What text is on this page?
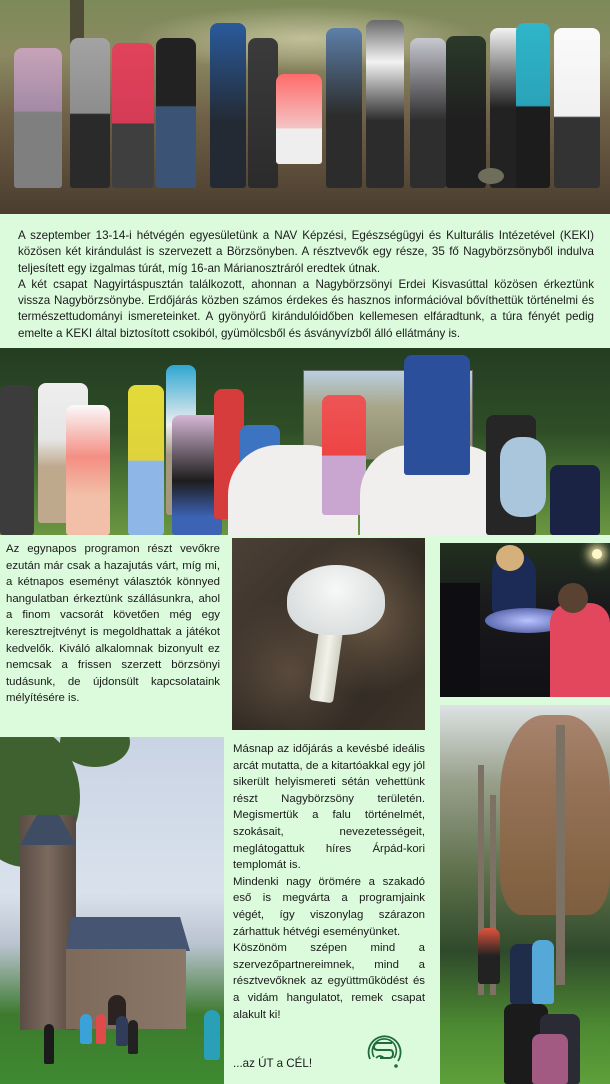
A szeptember 13-14-i hétvégén egyesületünk a NAV Képzési, Egészségügyi és Kulturális Intézetével (KEKI) közösen két kirándulást is szervezett a Börzsönyben. A résztvevők egy része, 35 fő Nagybörzsönyből indulva teljesített egy izgalmas túrát, míg 16-an Márianosztráról eredtek útnak.

A két csapat Nagyirtáspusztán találkozott, ahonnan a Nagybörzsönyi Erdei Kisvasúttal közösen érkeztünk vissza Nagybörzsönybe. Erdőjárás közben számos érdekes és hasznos információval bővíthettük történelmi és természettudományi ismereteinket. A gyönyörű kirándulóidőben kellemesen elfáradtunk, a túra fényét pedig emelte a KEKI által biztosított csokiból, gyümölcsből és ásványvízből álló ellátmány is.

Az egynapos programon részt vevőkre ezután már csak a hazajutás várt, míg mi, a kétnapos eseményt választók könnyed hangulatban érkeztünk szállásunkra, ahol a finom vacsorát követően még egy keresztrejtvényt is megoldhattak a játékot kedvelők. Kiváló alkalomnak bizonyult ez nemcsak a frissen szerzett börzsönyi tudásunk, de újdonsült kapcsolataink mélyítésére is.

Másnap az időjárás a kevésbé ideális arcát mutatta, de a kitartóakkal egy jól sikerült helyismereti sétán vehettünk részt Nagybörzsöny területén. Megismertük a falu történelmét, szokásait, nevezetességeit, meglátogattuk híres Árpád-kori templomát is.

Mindenki nagy örömére a szakadó eső is megvárta a programjaink végét, így viszonylag szárazon zárhattuk hétvégi eseményünket.

Köszönöm szépen mind a szervezőpartnereimnek, mind a résztvevőknek az együttműködést és a vidám hangulatot, remek csapat alakult ki!

...az ÚT a CÉL!
